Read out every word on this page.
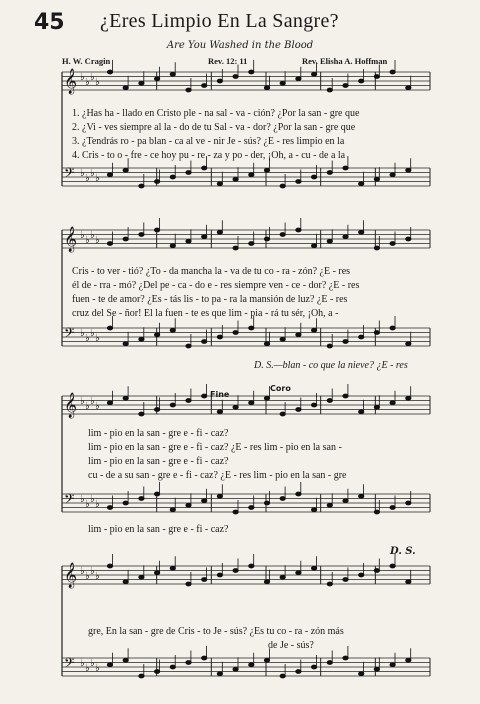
45 ¿Eres Limpio En La Sangre?
Are You Washed in the Blood
H. W. Cragin	Rev. 12: 11	Rev. Elisha A. Hoffman
𝄞 ♭ ♭ ♭ ♭
𝄢 ♭ ♭ ♭ ♭
𝄞 ♭ ♭ ♭ ♭
𝄢 ♭ ♭ ♭ ♭
𝄞 ♭ ♭ ♭ ♭
𝄢 ♭ ♭ ♭ ♭
𝄞 ♭ ♭ ♭ ♭
𝄢 ♭ ♭ ♭ ♭
1. ¿Has ha - llado en Cristo ple - na sal - va - ción? ¿Por la san - gre que
2. ¿Vi - ves siempre al la - do de tu Sal - va - dor? ¿Por la san - gre que
3. ¿Tendrás ro - pa blan - ca al ve - nir Je - sús? ¿E - res limpio en la
4. Cris - to o - fre - ce hoy pu - re - za y po - der, ¡Oh, a - cu - de a la
Cris - to ver - tió? ¿To - da mancha la - va de tu co - ra - zón? ¿E - res
él de - rra - mó? ¿Del pe - ca - do e - res siempre ven - ce - dor? ¿E - res
fuen - te de amor? ¿Es - tás lis - to pa - ra la mansión de luz? ¿E - res
cruz del Se - ñor! El la fuen - te es que lim - pia - rá tu sér, ¡Oh, a -
D. S.—blan - co que la nieve? ¿E - res
Fine
Coro
lim - pio en la san - gre e - fi - caz?
lim - pio en la san - gre e - fi - caz? ¿E - res lim - pio en la san -
lim - pio en la san - gre e - fi - caz?
cu - de a su san - gre e - fi - caz? ¿E - res lim - pio en la san - gre
lim - pio en la san - gre e - fi - caz?
D. S.
gre, En la san - gre de Cris - to Je - sús? ¿Es tu co - ra - zón más
de Je - sús?
